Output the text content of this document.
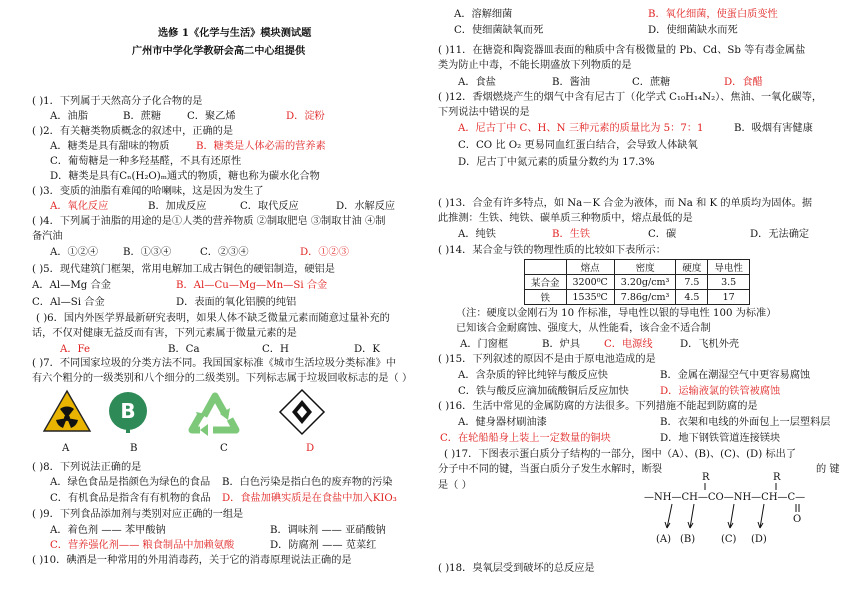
选修 1《化学与生活》模块测试题
广州市中学化学教研会高二中心组提供
( )1．下列属于天然高分子化合物的是
A．油脂	B．蔗糖	C．聚乙烯	D．淀粉
( )2．有关糖类物质概念的叙述中，正确的是
A．糖类是具有甜味的物质	B．糖类是人体必需的营养素
C．葡萄糖是一种多羟基醛，不具有还原性
D．糖类是具有Cₙ(H₂O)ₘ通式的物质，糖也称为碳水化合物
( )3．变质的油脂有难闻的哈喇味，这是因为发生了
A．氧化反应	B．加成反应	C．取代反应	D．水解反应
( )4．下列属于油脂的用途的是①人类的营养物质 ②制取肥皂 ③制取甘油 ④制
备汽油
A．①②④ B．①③④	C．②③④	D．①②③
( )5．现代建筑门框架，常用电解加工成古铜色的硬铝制造，硬铝是
A．Al—Mg 合金	B．Al—Cu—Mg—Mn—Si 合金
C．Al—Si 合金	D．表面的氧化铝膜的纯铝
( )6．国内外医学界最新研究表明，如果人体不缺乏微量元素而随意过量补充的
话，不仅对健康无益反而有害，下列元素属于微量元素的是
A．Fe	B．Ca	C．H	D．K
( )7．不同国家垃圾的分类方法不同。我国国家标准《城市生活垃圾分类标准》中
有六个粗分的一级类别和八个细分的二级类别。下列标志属于垃圾回收标志的是（ ）
( )8．下列说法正确的是
A．绿色食品是指颜色为绿色的食品 B．白色污染是指白色的废弃物的污染
C．有机食品是指含有有机物的食品 D．食盐加碘实质是在食盐中加入KIO₃
( )9．下列食品添加剂与类别对应正确的一组是
A．着色剂 —— 苯甲酸钠	B．调味剂 —— 亚硝酸钠
C．营养强化剂—— 粮食制品中加赖氨酸	D．防腐剂 —— 苋菜红
( )10．碘酒是一种常用的外用消毒药，关于它的消毒原理说法正确的是
B
A	B	C	D
A．溶解细菌	B．氧化细菌，使蛋白质变性
C．使细菌缺氧而死	D．使细菌缺水而死
( )11．在搪瓷和陶瓷器皿表面的釉质中含有极微量的 Pb、Cd、Sb 等有毒金属盐
类为防止中毒，不能长期盛放下列物质的是
A．食盐	B．酱油	C．蔗糖	D．食醋
( )12．香烟燃烧产生的烟气中含有尼古丁（化学式 C₁₀H₁₄N₂）、焦油、一氧化碳等，
下列说法中错误的是
A．尼古丁中 C、H、N 三种元素的质量比为 5：7：1	B．吸烟有害健康
C．CO 比 O₂ 更易同血红蛋白结合，会导致人体缺氧
D．尼古丁中氮元素的质量分数约为 17.3%
( )13．合金有许多特点，如 Na－K 合金为液体，而 Na 和 K 的单质均为固体。据
此推测：生铁、纯铁、碳单质三种物质中，熔点最低的是
A．纯铁	B．生铁	C．碳	D．无法确定
( )14．某合金与铁的物理性质的比较如下表所示：
（注：硬度以金刚石为 10 作标准，导电性以银的导电性 100 为标准）
已知该合金耐腐蚀、强度大，从性能看，该合金不适合制
A．门窗框	B．炉具 C．电源线	D．飞机外壳
( )15．下列叙述的原因不是由于原电池造成的是
A．含杂质的锌比纯锌与酸反应快	B．金属在潮湿空气中更容易腐蚀
C．铁与酸反应滴加硫酸铜后反应加快	D．运输液氯的铁管被腐蚀
( )16．生活中常见的金属防腐的方法很多。下列措施不能起到防腐的是
A．健身器材刷油漆	B．衣架和电线的外面包上一层塑料层
C．在轮船船身上装上一定数量的铜块	D．地下钢铁管道连接镁块
( )17．下图表示蛋白质分子结构的一部分，图中（A）、(B)、(C)、(D) 标出了
分子中不同的键，当蛋白质分子发生水解时，断裂	的 键
是（ ）
( )18．臭氧层受到破坏的总反应是
	熔点	密度	硬度	导电性
某合金	3200⁰C	3.20g/cm³	7.5	3.5
铁	1535⁰C	7.86g/cm³	4.5	17
R	R
—NH—CH—CO—NH—CH—C—
O
(A) (B)	(C) (D)
